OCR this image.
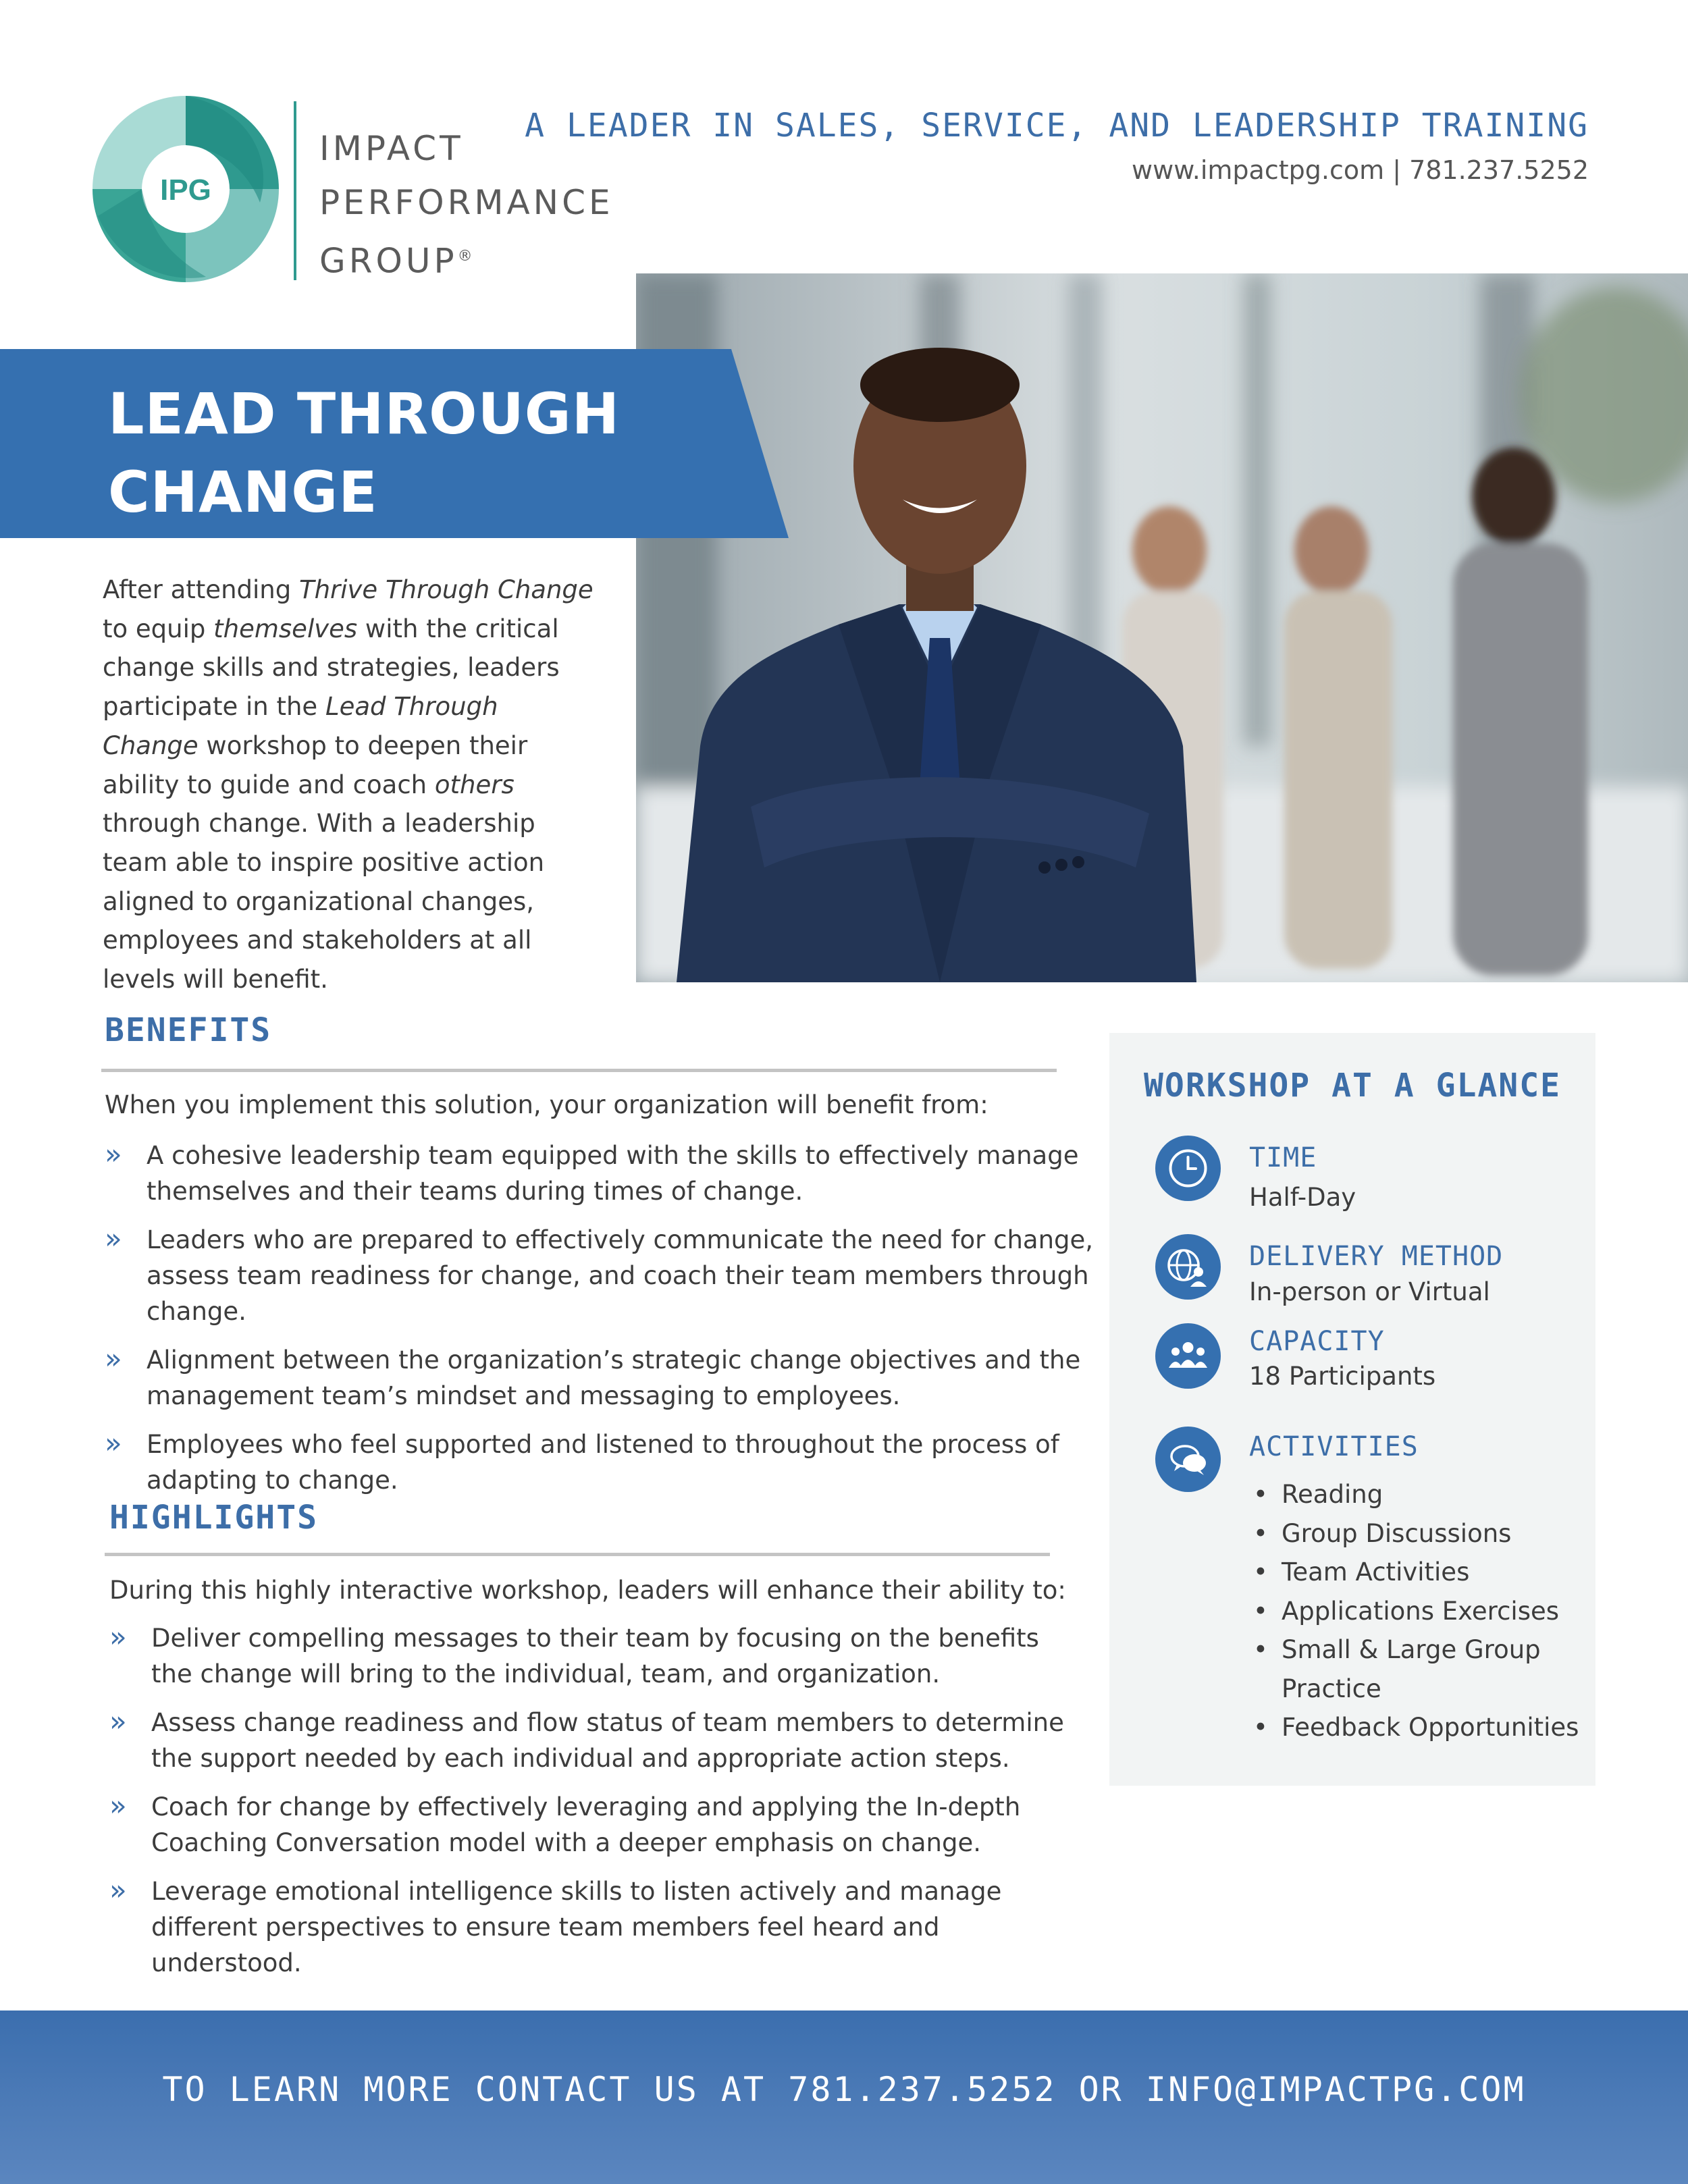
IPG
IMPACT
PERFORMANCE
GROUP®
A LEADER IN SALES, SERVICE, AND LEADERSHIP TRAINING
www.impactpg.com | 781.237.5252
LEAD THROUGH
CHANGE

After attending Thrive Through Change to equip themselves with the critical change skills and strategies, leaders participate in the Lead Through Change workshop to deepen their ability to guide and coach others through change. With a leadership team able to inspire positive action aligned to organizational changes, employees and stakeholders at all levels will benefit.

BENEFITS

When you implement this solution, your organization will benefit from:

» A cohesive leadership team equipped with the skills to effectively manage themselves and their teams during times of change.
» Leaders who are prepared to effectively communicate the need for change, assess team readiness for change, and coach their team members through change.
» Alignment between the organization’s strategic change objectives and the management team’s mindset and messaging to employees.
» Employees who feel supported and listened to throughout the process of adapting to change.
HIGHLIGHTS

During this highly interactive workshop, leaders will enhance their ability to:

» Deliver compelling messages to their team by focusing on the benefits the change will bring to the individual, team, and organization.
» Assess change readiness and flow status of team members to determine the support needed by each individual and appropriate action steps.
» Coach for change by effectively leveraging and applying the In-depth Coaching Conversation model with a deeper emphasis on change.
» Leverage emotional intelligence skills to listen actively and manage different perspectives to ensure team members feel heard and understood.
WORKSHOP AT A GLANCE
TIME
Half-Day
DELIVERY METHOD
In-person or Virtual
CAPACITY
18 Participants
ACTIVITIES
• Reading
• Group Discussions
• Team Activities
• Applications Exercises
• Small & Large Group Practice
• Feedback Opportunities
TO LEARN MORE CONTACT US AT 781.237.5252 OR INFO@IMPACTPG.COM
